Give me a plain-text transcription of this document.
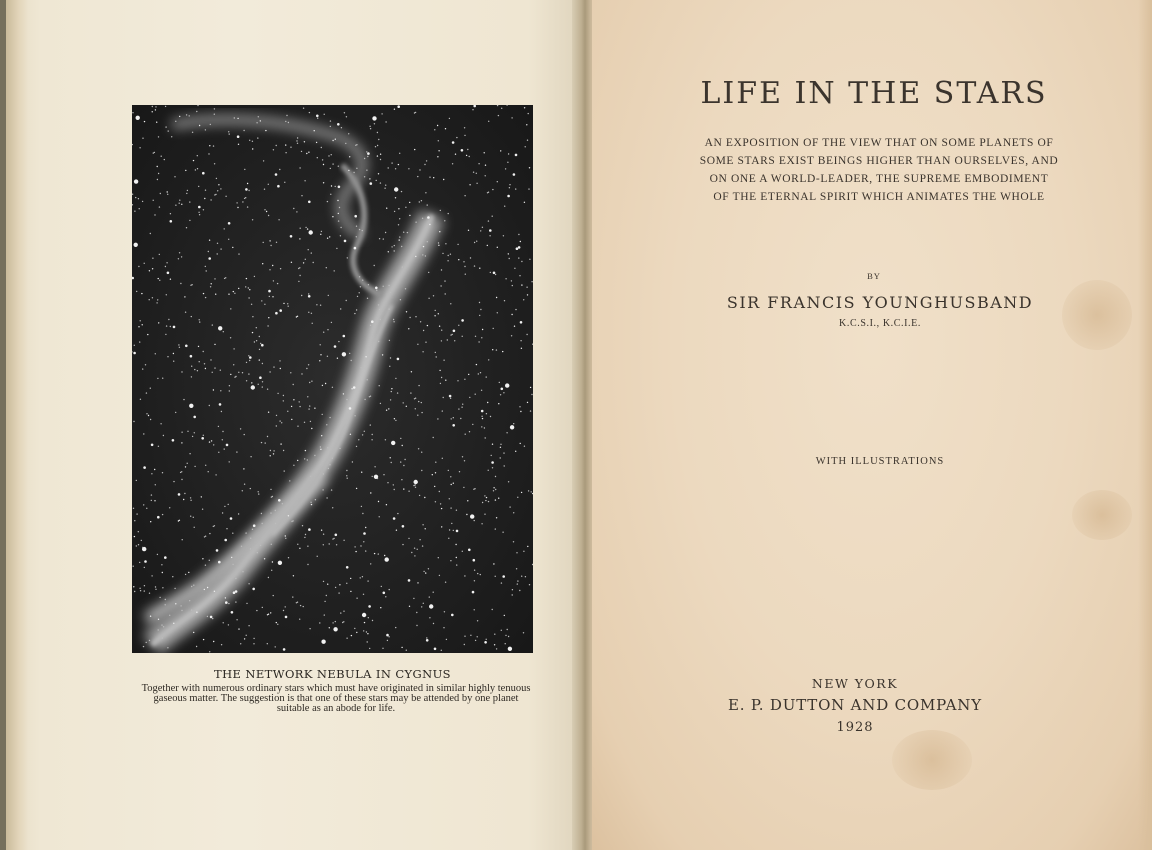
THE NETWORK NEBULA IN CYGNUS
Together with numerous ordinary stars which must have originated in similar highly tenuous
gaseous matter. The suggestion is that one of these stars may be attended by one planet
suitable as an abode for life.
LIFE IN THE STARS
AN EXPOSITION OF THE VIEW THAT ON SOME PLANETS OF
SOME STARS EXIST BEINGS HIGHER THAN OURSELVES, AND
ON ONE A WORLD-LEADER, THE SUPREME EMBODIMENT
OF THE ETERNAL SPIRIT WHICH ANIMATES THE WHOLE
BY
SIR FRANCIS YOUNGHUSBAND
K.C.S.I., K.C.I.E.
WITH ILLUSTRATIONS
NEW YORK
E. P. DUTTON AND COMPANY
1928
